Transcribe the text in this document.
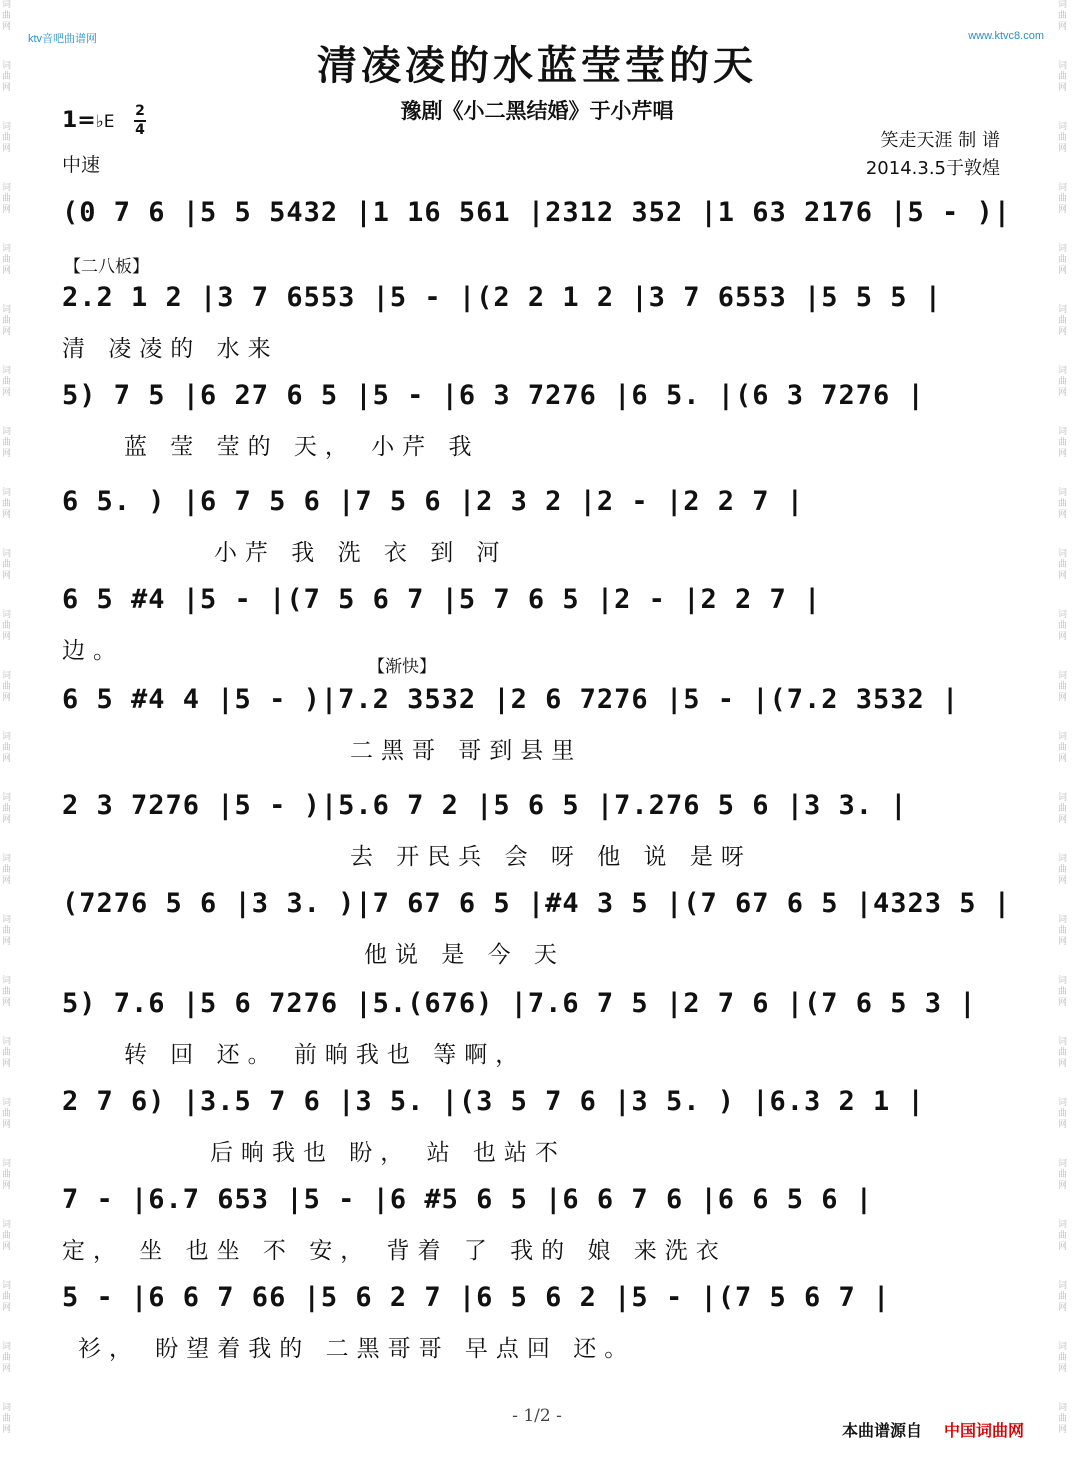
ktv音吧曲谱网	www.ktvc8.com
词曲网
词曲网
词曲网
词曲网
词曲网
词曲网
词曲网
词曲网
词曲网
词曲网
词曲网
词曲网
词曲网
词曲网
词曲网
词曲网
词曲网
词曲网
词曲网
词曲网
词曲网
词曲网
词曲网
词曲网
词曲网
词曲网
词曲网
词曲网
词曲网
词曲网
词曲网
词曲网
词曲网
词曲网
词曲网
词曲网
词曲网
词曲网
词曲网
词曲网
词曲网
词曲网
词曲网
词曲网
词曲网
词曲网
词曲网
词曲网
清凌凌的水蓝莹莹的天
豫剧《小二黑结婚》于小芹唱
1=♭E
2
4
中速
笑走天涯 制 谱
2014.3.5于敦煌
【二八板】
【渐快】
(0 7 6 |5 5 5432 |1 16 561 |2312 352 |1 63 2176 |5 - )|
2.2 1 2 |3 7 6553 |5 - |(2 2 1 2 |3 7 6553 |5 5 5 |
清 凌凌的 水来
5) 7 5 |6 27 6 5 |5 - |6 3 7276 |6 5. |(6 3 7276 |
蓝 莹 莹的 天， 小芹 我
6 5. ) |6 7 5 6 |7 5 6 |2 3 2 |2 - |2 2 7 |
小芹 我 洗 衣 到 河
6 5 #4 |5 - |(7 5 6 7 |5 7 6 5 |2 - |2 2 7 |
边。
6 5 #4 4 |5 - )|7.2 3532 |2 6 7276 |5 - |(7.2 3532 |
二黑哥 哥到县里
2 3 7276 |5 - )|5.6 7 2 |5 6 5 |7.276 5 6 |3 3. |
去 开民兵 会 呀 他 说 是呀
(7276 5 6 |3 3. )|7 67 6 5 |#4 3 5 |(7 67 6 5 |4323 5 |
他说 是 今 天
5) 7.6 |5 6 7276 |5.(676) |7.6 7 5 |2 7 6 |(7 6 5 3 |
转 回 还。 前晌我也 等啊，
2 7 6) |3.5 7 6 |3 5. |(3 5 7 6 |3 5. ) |6.3 2 1 |
后晌我也 盼， 站 也站不
7 - |6.7 653 |5 - |6 #5 6 5 |6 6 7 6 |6 6 5 6 |
定， 坐 也坐 不 安， 背着 了 我的 娘 来洗衣
5 - |6 6 7 66 |5 6 2 7 |6 5 6 2 |5 - |(7 5 6 7 |
衫， 盼望着我的 二黑哥哥 早点回 还。
- 1/2 -
本曲谱源自 中国词曲网
